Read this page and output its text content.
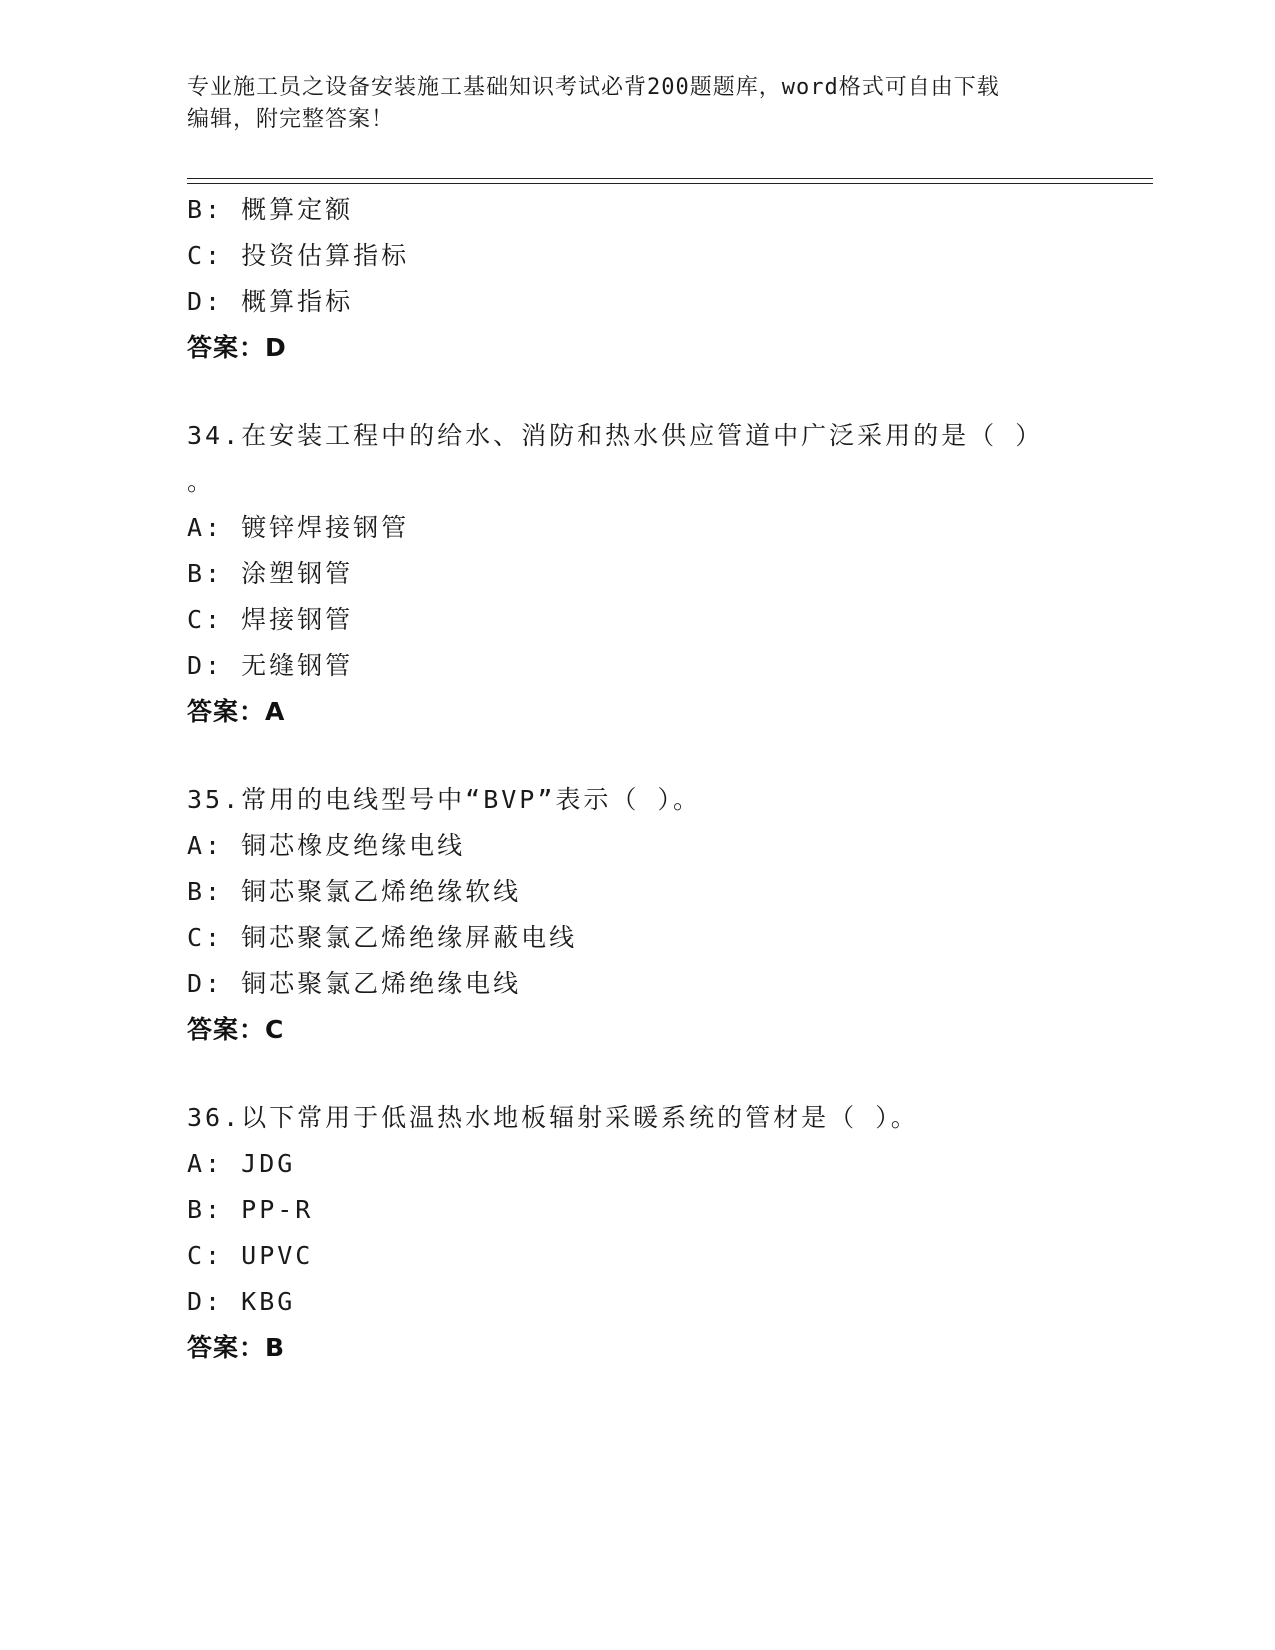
专业施工员之设备安装施工基础知识考试必背200题题库，word格式可自由下载
编辑，附完整答案！

B: 概算定额

C: 投资估算指标

D: 概算指标

答案：D

34.在安装工程中的给水、消防和热水供应管道中广泛采用的是（ ）

。

A: 镀锌焊接钢管

B: 涂塑钢管

C: 焊接钢管

D: 无缝钢管

答案：A

35.常用的电线型号中“BVP”表示（ ）。

A: 铜芯橡皮绝缘电线

B: 铜芯聚氯乙烯绝缘软线

C: 铜芯聚氯乙烯绝缘屏蔽电线

D: 铜芯聚氯乙烯绝缘电线

答案：C

36.以下常用于低温热水地板辐射采暖系统的管材是（ ）。

A: JDG

B: PP-R

C: UPVC

D: KBG

答案：B
